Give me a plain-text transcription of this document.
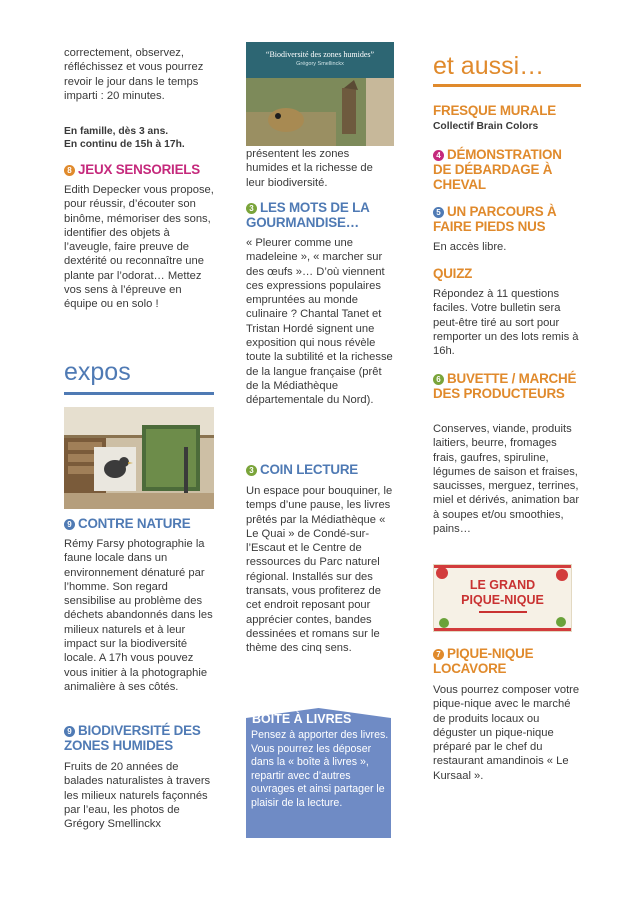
correctement, observez, réfléchissez et vous pourrez revoir le jour dans le temps imparti : 20 minutes.

En famille, dès 3 ans.

En continu de 15h à 17h.

8 JEUX SENSORIELS

Edith Depecker vous propose, pour réussir, d’écouter son binôme, mémoriser des sons, identifier des objets à l’aveugle, faire preuve de dextérité ou reconnaître une plante par l’odorat… Mettez vos sens à l’épreuve en équipe ou en solo !

expos
9 CONTRE NATURE

Rémy Farsy photographie la faune locale dans un environnement dénaturé par l’homme. Son regard sensibilise au problème des déchets abandonnés dans les milieux naturels et à leur impact sur la biodiversité locale. A 17h vous pouvez vous initier à la photographie animalière à ses côtés.

9 BIODIVERSITÉ DES ZONES HUMIDES

Fruits de 20 années de balades naturalistes à travers les milieux naturels façonnés par l’eau, les photos de Grégory Smellinckx

“Biodiversité des zones humides”
Grégory Smellinckx

présentent les zones humides et la richesse de leur biodiversité.

3 LES MOTS DE LA GOURMANDISE…

« Pleurer comme une madeleine », « marcher sur des œufs »… D’où viennent ces expressions populaires empruntées au monde culinaire ? Chantal Tanet et Tristan Hordé signent une exposition qui nous révèle toute la subtilité et la richesse de la langue française (prêt de la Médiathèque départementale du Nord).

3 COIN LECTURE

Un espace pour bouquiner, le temps d’une pause, les livres prêtés par la Médiathèque « Le Quai » de Condé-sur-l’Escaut et le Centre de ressources du Parc naturel régional. Installés sur des transats, vous profiterez de cet endroit reposant pour apprécier contes, bandes dessinées et romans sur le thème des cinq sens.

BOÎTE À LIVRES

Pensez à apporter des livres. Vous pourrez les déposer dans la « boîte à livres », repartir avec d’autres ouvrages et ainsi partager le plaisir de la lecture.

et aussi…
FRESQUE MURALE

Collectif Brain Colors

4 DÉMONSTRATION DE DÉBARDAGE À CHEVAL
5 UN PARCOURS À FAIRE PIEDS NUS

En accès libre.

QUIZZ

Répondez à 11 questions faciles. Votre bulletin sera peut-être tiré au sort pour remporter un des lots remis à 16h.

6 BUVETTE / MARCHÉ DES PRODUCTEURS

Conserves, viande, produits laitiers, beurre, fromages frais, gaufres, spiruline, légumes de saison et fraises, saucisses, merguez, terrines, miel et dérivés, animation bar à soupes et/ou smoothies, pains…

LE GRAND
PIQUE-NIQUE
7 PIQUE-NIQUE LOCAVORE

Vous pourrez composer votre pique-nique avec le marché de produits locaux ou déguster un pique-nique préparé par le chef du restaurant amandinois « Le Kursaal ».
